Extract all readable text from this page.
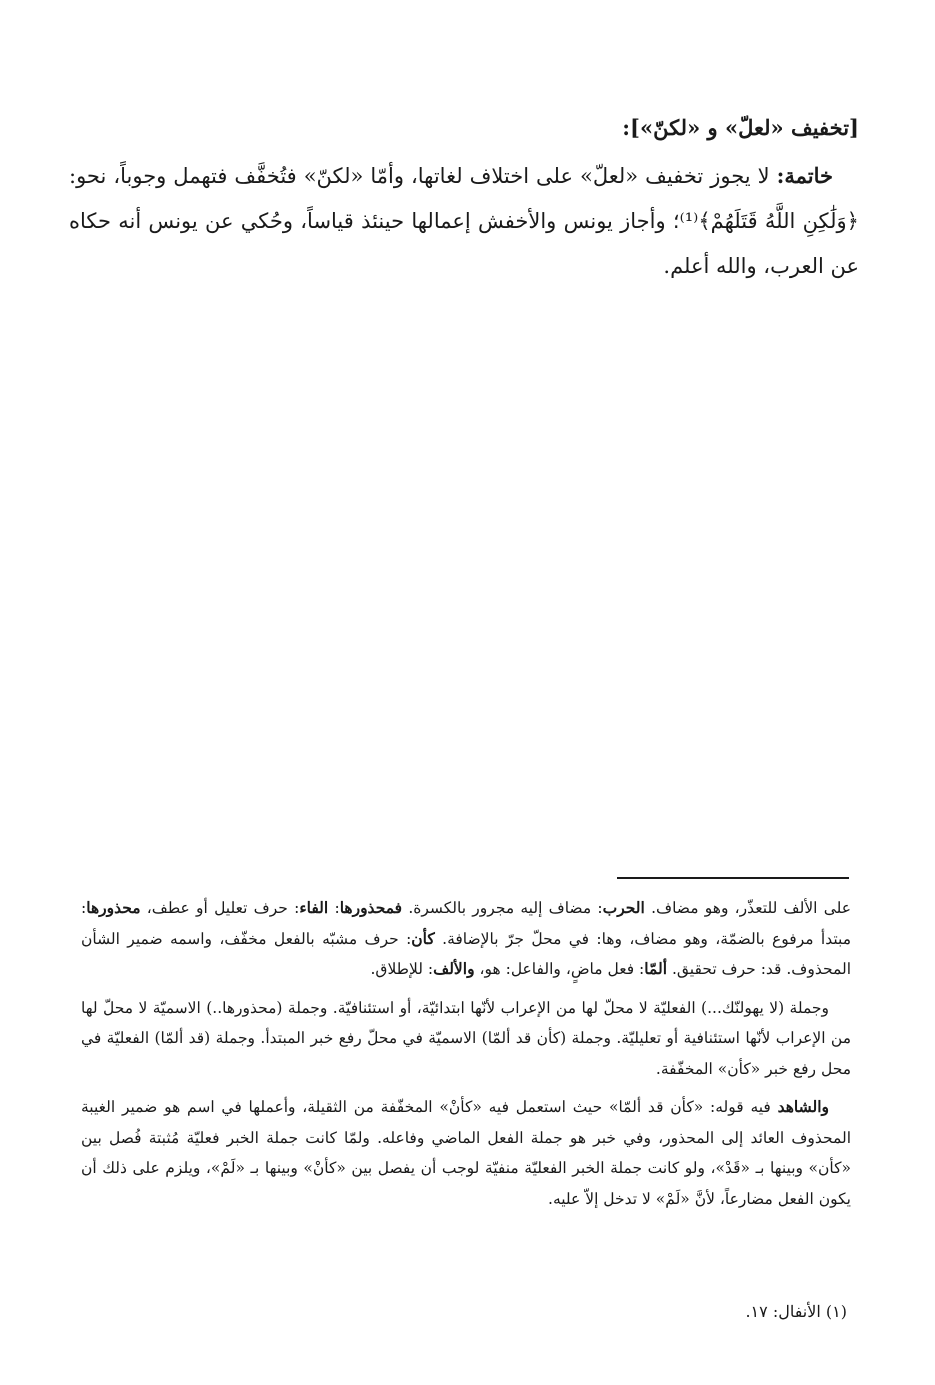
[تخفيف «لعلّ» و «لكنّ»]:

خاتمة: لا يجوز تخفيف «لعلّ» على اختلاف لغاتها، وأمّا «لكنّ» فتُخفَّف فتهمل وجوباً، نحو: ﴿وَلَٰكِنِ اللَّهُ قَتَلَهُمْ﴾⁽¹⁾؛ وأجاز يونس والأخفش إعمالها حينئذ قياساً، وحُكي عن يونس أنه حكاه عن العرب، والله أعلم.

على الألف للتعذّر، وهو مضاف. الحرب: مضاف إليه مجرور بالكسرة. فمحذورها: الفاء: حرف تعليل أو عطف، محذورها: مبتدأ مرفوع بالضمّة، وهو مضاف، وها: في محلّ جرّ بالإضافة. كأن: حرف مشبّه بالفعل مخفّف، واسمه ضمير الشأن المحذوف. قد: حرف تحقيق. ألمّا: فعل ماضٍ، والفاعل: هو، والألف: للإطلاق.

وجملة (لا يهولنّك...) الفعليّة لا محلّ لها من الإعراب لأنّها ابتدائيّة، أو استئنافيّة. وجملة (محذورها..) الاسميّة لا محلّ لها من الإعراب لأنّها استئنافية أو تعليليّة. وجملة (كأن قد ألمّا) الاسميّة في محلّ رفع خبر المبتدأ. وجملة (قد ألمّا) الفعليّة في محل رفع خبر «كأن» المخفّفة.

والشاهد فيه قوله: «كأن قد ألمّا» حيث استعمل فيه «كأنْ» المخفّفة من الثقيلة، وأعملها في اسم هو ضمير الغيبة المحذوف العائد إلى المحذور، وفي خبر هو جملة الفعل الماضي وفاعله. ولمّا كانت جملة الخبر فعليّة مُثبتة فُصل بين «كأن» وبينها بـ «قَدْ»، ولو كانت جملة الخبر الفعليّة منفيّة لوجب أن يفصل بين «كأنْ» وبينها بـ «لَمْ»، ويلزم على ذلك أن يكون الفعل مضارعاً، لأنَّ «لَمْ» لا تدخل إلاّ عليه.

(١) الأنفال: ١٧.
